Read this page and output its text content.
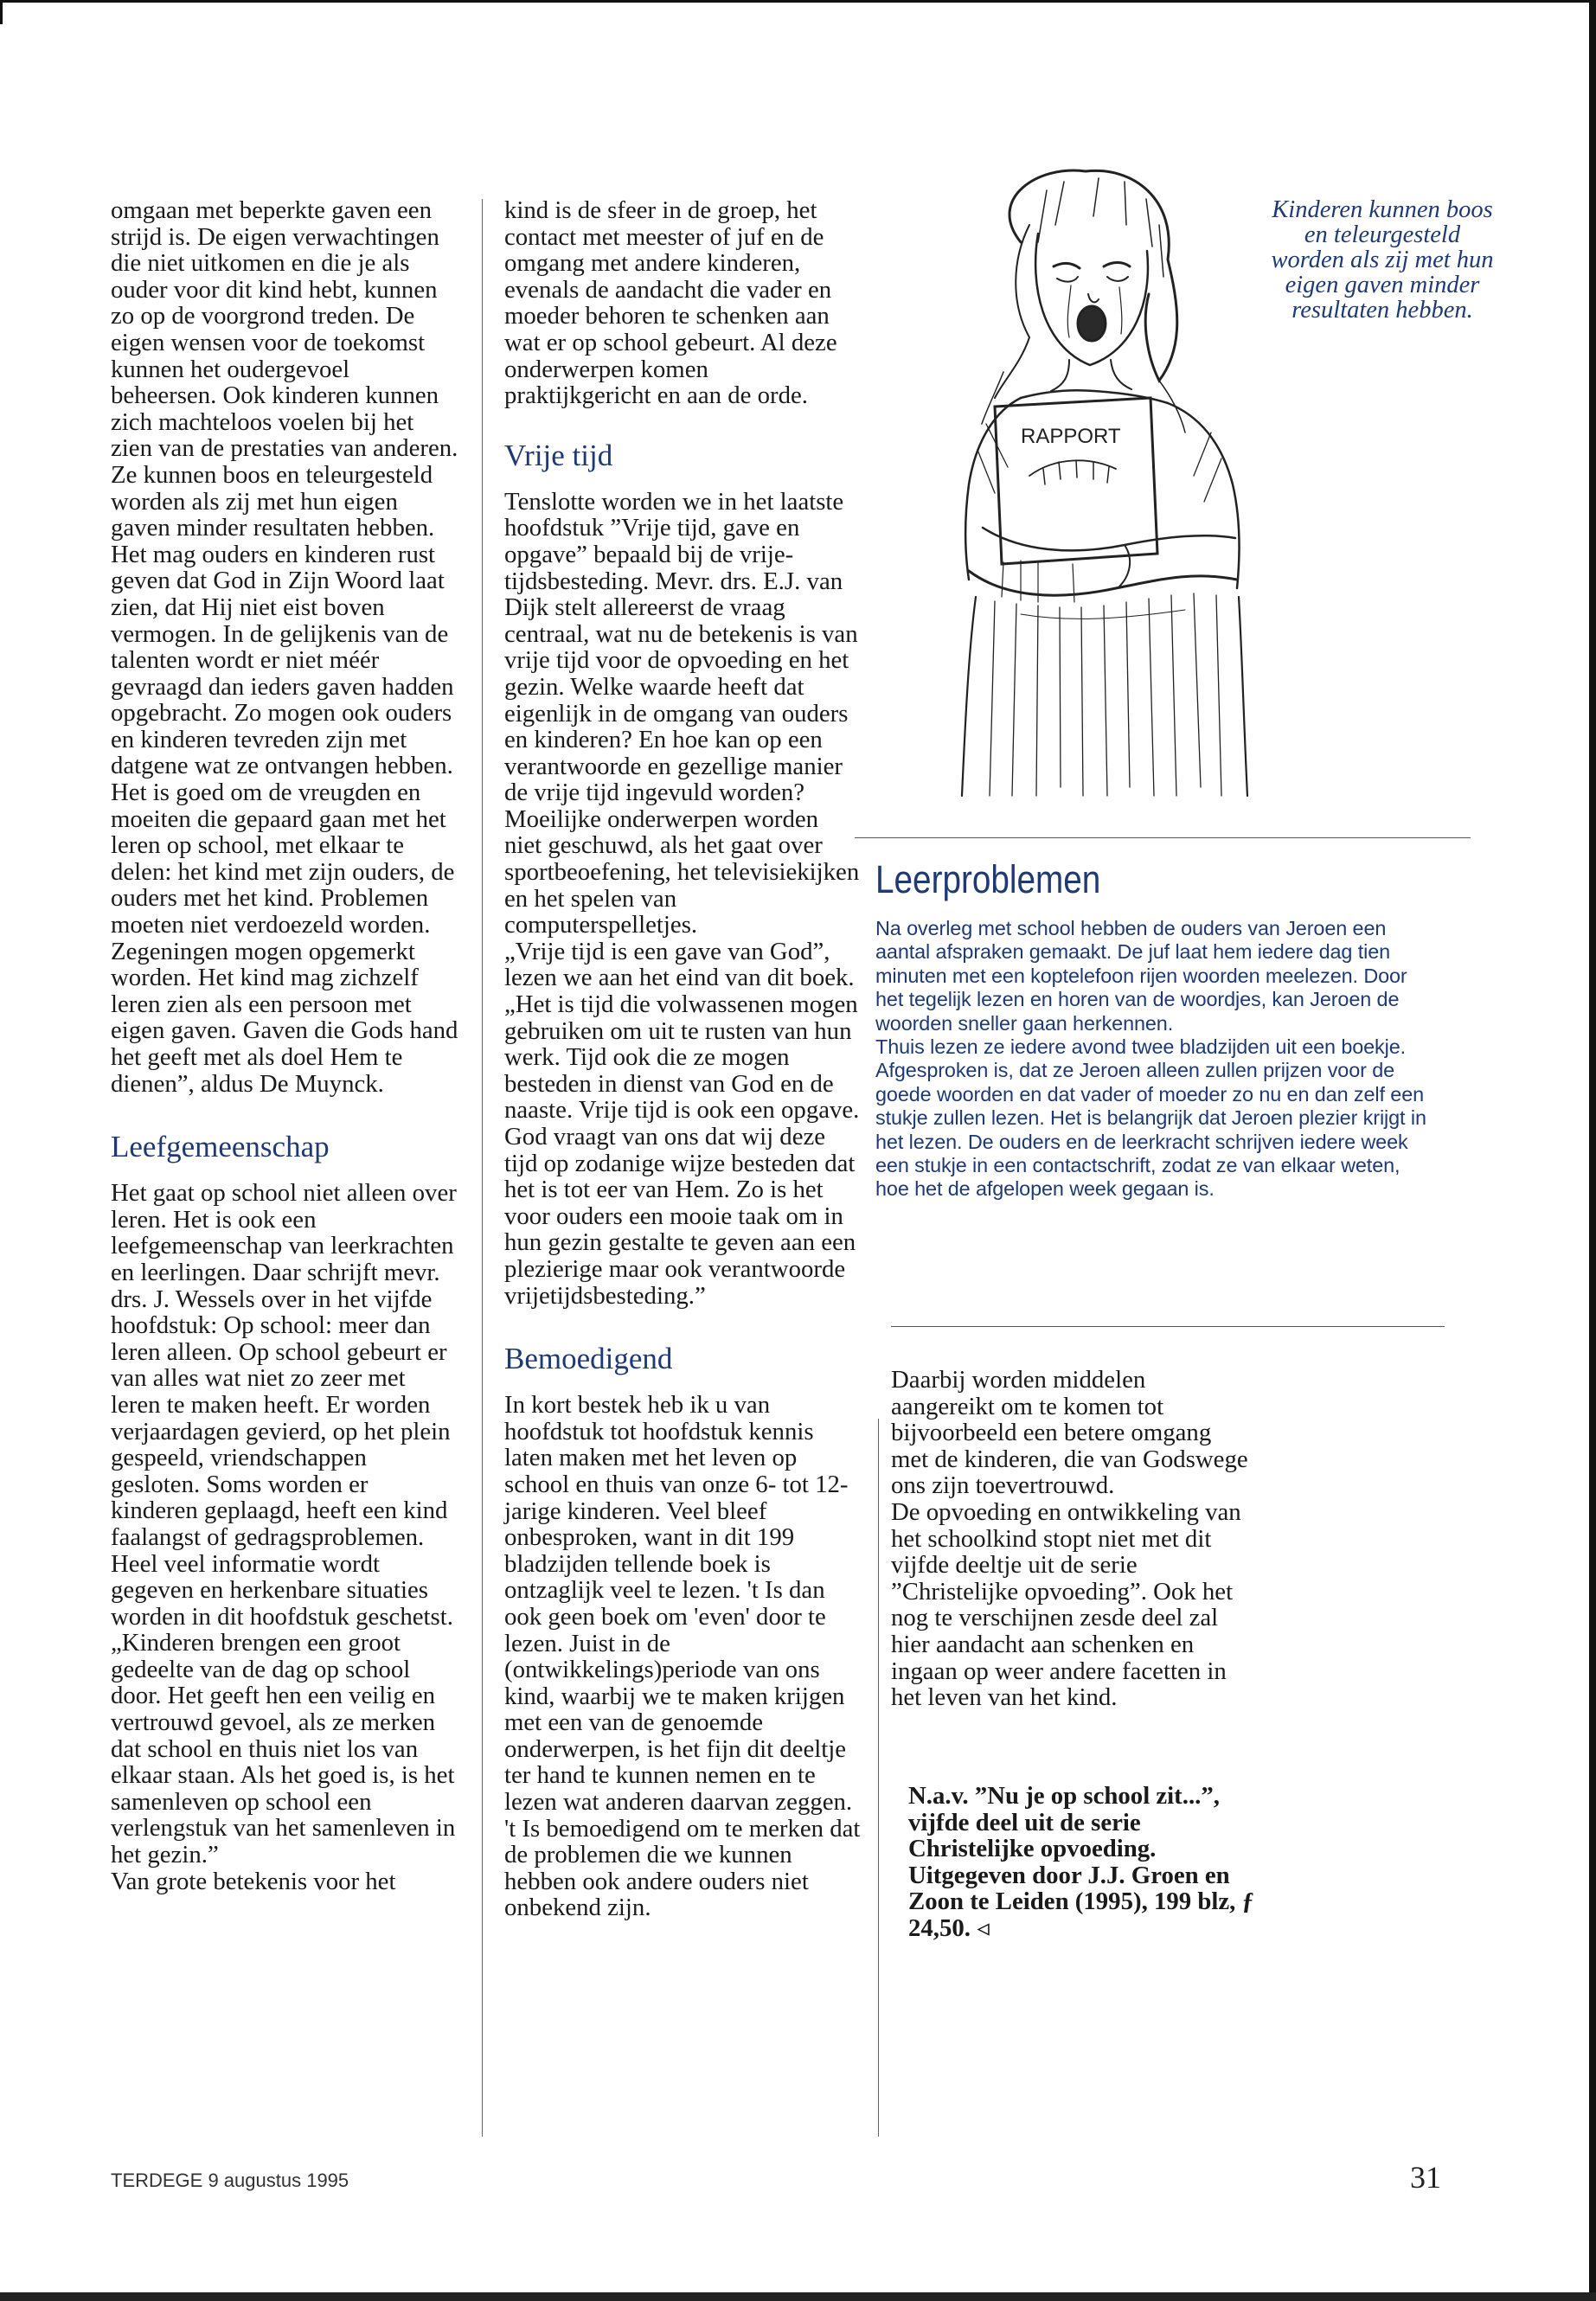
omgaan met beperkte gaven een strijd is. De eigen verwachtingen die niet uitkomen en die je als ouder voor dit kind hebt, kunnen zo op de voorgrond treden. De eigen wensen voor de toekomst kunnen het oudergevoel beheersen. Ook kinderen kunnen zich machteloos voelen bij het zien van de prestaties van anderen. Ze kunnen boos en teleurgesteld worden als zij met hun eigen gaven minder resultaten hebben. Het mag ouders en kinderen rust geven dat God in Zijn Woord laat zien, dat Hij niet eist boven vermogen. In de gelijkenis van de talenten wordt er niet méér gevraagd dan ieders gaven hadden opgebracht. Zo mogen ook ouders en kinderen tevreden zijn met datgene wat ze ontvangen hebben. Het is goed om de vreugden en moeiten die gepaard gaan met het leren op school, met elkaar te delen: het kind met zijn ouders, de ouders met het kind. Problemen moeten niet verdoezeld worden. Zegeningen mogen opgemerkt worden. Het kind mag zichzelf leren zien als een persoon met eigen gaven. Gaven die Gods hand het geeft met als doel Hem te dienen”, aldus De Muynck.

Leefgemeenschap

Het gaat op school niet alleen over leren. Het is ook een leefgemeenschap van leerkrachten en leerlingen. Daar schrijft mevr. drs. J. Wessels over in het vijfde hoofdstuk: Op school: meer dan leren alleen. Op school gebeurt er van alles wat niet zo zeer met leren te maken heeft. Er worden verjaardagen gevierd, op het plein gespeeld, vriendschappen gesloten. Soms worden er kinderen geplaagd, heeft een kind faalangst of gedragsproblemen. Heel veel informatie wordt gegeven en herkenbare situaties worden in dit hoofdstuk geschetst. „Kinderen brengen een groot gedeelte van de dag op school door. Het geeft hen een veilig en vertrouwd gevoel, als ze merken dat school en thuis niet los van elkaar staan. Als het goed is, is het samenleven op school een verlengstuk van het samenleven in het gezin.”

Van grote betekenis voor het

kind is de sfeer in de groep, het contact met meester of juf en de omgang met andere kinderen, evenals de aandacht die vader en moeder behoren te schenken aan wat er op school gebeurt. Al deze onderwerpen komen praktijkgericht en aan de orde.

Vrije tijd

Tenslotte worden we in het laatste hoofdstuk ”Vrije tijd, gave en opgave” bepaald bij de vrije-tijdsbesteding. Mevr. drs. E.J. van Dijk stelt allereerst de vraag centraal, wat nu de betekenis is van vrije tijd voor de opvoeding en het gezin. Welke waarde heeft dat eigenlijk in de omgang van ouders en kinderen? En hoe kan op een verantwoorde en gezellige manier de vrije tijd ingevuld worden? Moeilijke onderwerpen worden niet geschuwd, als het gaat over sportbeoefening, het televisiekijken en het spelen van computerspelletjes.

„Vrije tijd is een gave van God”, lezen we aan het eind van dit boek. „Het is tijd die volwassenen mogen gebruiken om uit te rusten van hun werk. Tijd ook die ze mogen besteden in dienst van God en de naaste. Vrije tijd is ook een opgave. God vraagt van ons dat wij deze tijd op zodanige wijze besteden dat het is tot eer van Hem. Zo is het voor ouders een mooie taak om in hun gezin gestalte te geven aan een plezierige maar ook verantwoorde vrijetijdsbesteding.”

Bemoedigend

In kort bestek heb ik u van hoofdstuk tot hoofdstuk kennis laten maken met het leven op school en thuis van onze 6- tot 12-jarige kinderen. Veel bleef onbesproken, want in dit 199 bladzijden tellende boek is ontzaglijk veel te lezen. 't Is dan ook geen boek om 'even' door te lezen. Juist in de (ontwikkelings)periode van ons kind, waarbij we te maken krijgen met een van de genoemde onderwerpen, is het fijn dit deeltje ter hand te kunnen nemen en te lezen wat anderen daarvan zeggen. 't Is bemoedigend om te merken dat de problemen die we kunnen hebben ook andere ouders niet onbekend zijn.

RAPPORT
Kinderen kunnen boos en teleurgesteld worden als zij met hun eigen gaven minder resultaten hebben.
Leerproblemen

Na overleg met school hebben de ouders van Jeroen een aantal afspraken gemaakt. De juf laat hem iedere dag tien minuten met een koptelefoon rijen woorden meelezen. Door het tegelijk lezen en horen van de woordjes, kan Jeroen de woorden sneller gaan herkennen.

Thuis lezen ze iedere avond twee bladzijden uit een boekje. Afgesproken is, dat ze Jeroen alleen zullen prijzen voor de goede woorden en dat vader of moeder zo nu en dan zelf een stukje zullen lezen. Het is belangrijk dat Jeroen plezier krijgt in het lezen. De ouders en de leerkracht schrijven iedere week een stukje in een contactschrift, zodat ze van elkaar weten, hoe het de afgelopen week gegaan is.

Daarbij worden middelen aangereikt om te komen tot bijvoorbeeld een betere omgang met de kinderen, die van Godswege ons zijn toevertrouwd.

De opvoeding en ontwikkeling van het schoolkind stopt niet met dit vijfde deeltje uit de serie ”Christelijke opvoeding”. Ook het nog te verschijnen zesde deel zal hier aandacht aan schenken en ingaan op weer andere facetten in het leven van het kind.

N.a.v. ”Nu je op school zit...”, vijfde deel uit de serie Christelijke opvoeding. Uitgegeven door J.J. Groen en Zoon te Leiden (1995), 199 blz, ƒ 24,50. ◃
TERDEGE 9 augustus 1995	31
